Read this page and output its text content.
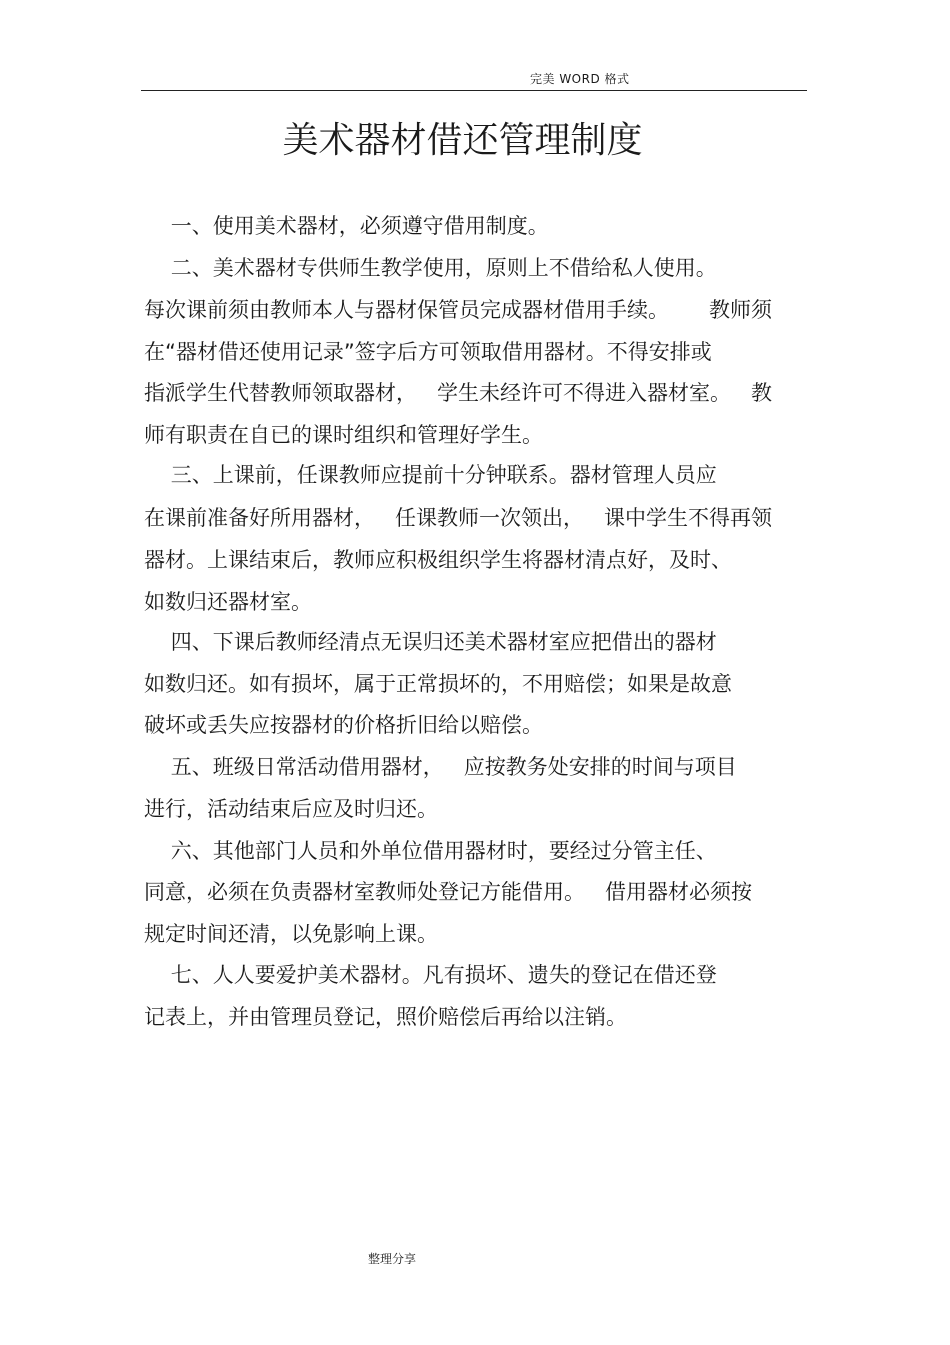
完美 WORD 格式
美术器材借还管理制度
一、使用美术器材，必须遵守借用制度。
二、美术器材专供师生教学使用，原则上不借给私人使用。
每次课前须由教师本人与器材保管员完成器材借用手续。      教师须
在“器材借还使用记录”签字后方可领取借用器材。不得安排或
指派学生代替教师领取器材，   学生未经许可不得进入器材室。   教
师有职责在自已的课时组织和管理好学生。
三、上课前，任课教师应提前十分钟联系。器材管理人员应
在课前准备好所用器材，   任课教师一次领出，   课中学生不得再领
器材。上课结束后，教师应积极组织学生将器材清点好，及时、
如数归还器材室。
四、下课后教师经清点无误归还美术器材室应把借出的器材
如数归还。如有损坏，属于正常损坏的，不用赔偿；如果是故意
破坏或丢失应按器材的价格折旧给以赔偿。
五、班级日常活动借用器材，   应按教务处安排的时间与项目
进行，活动结束后应及时归还。
六、其他部门人员和外单位借用器材时，要经过分管主任、
同意，必须在负责器材室教师处登记方能借用。   借用器材必须按
规定时间还清，以免影响上课。
七、人人要爱护美术器材。凡有损坏、遗失的登记在借还登
记表上，并由管理员登记，照价赔偿后再给以注销。
整理分享
